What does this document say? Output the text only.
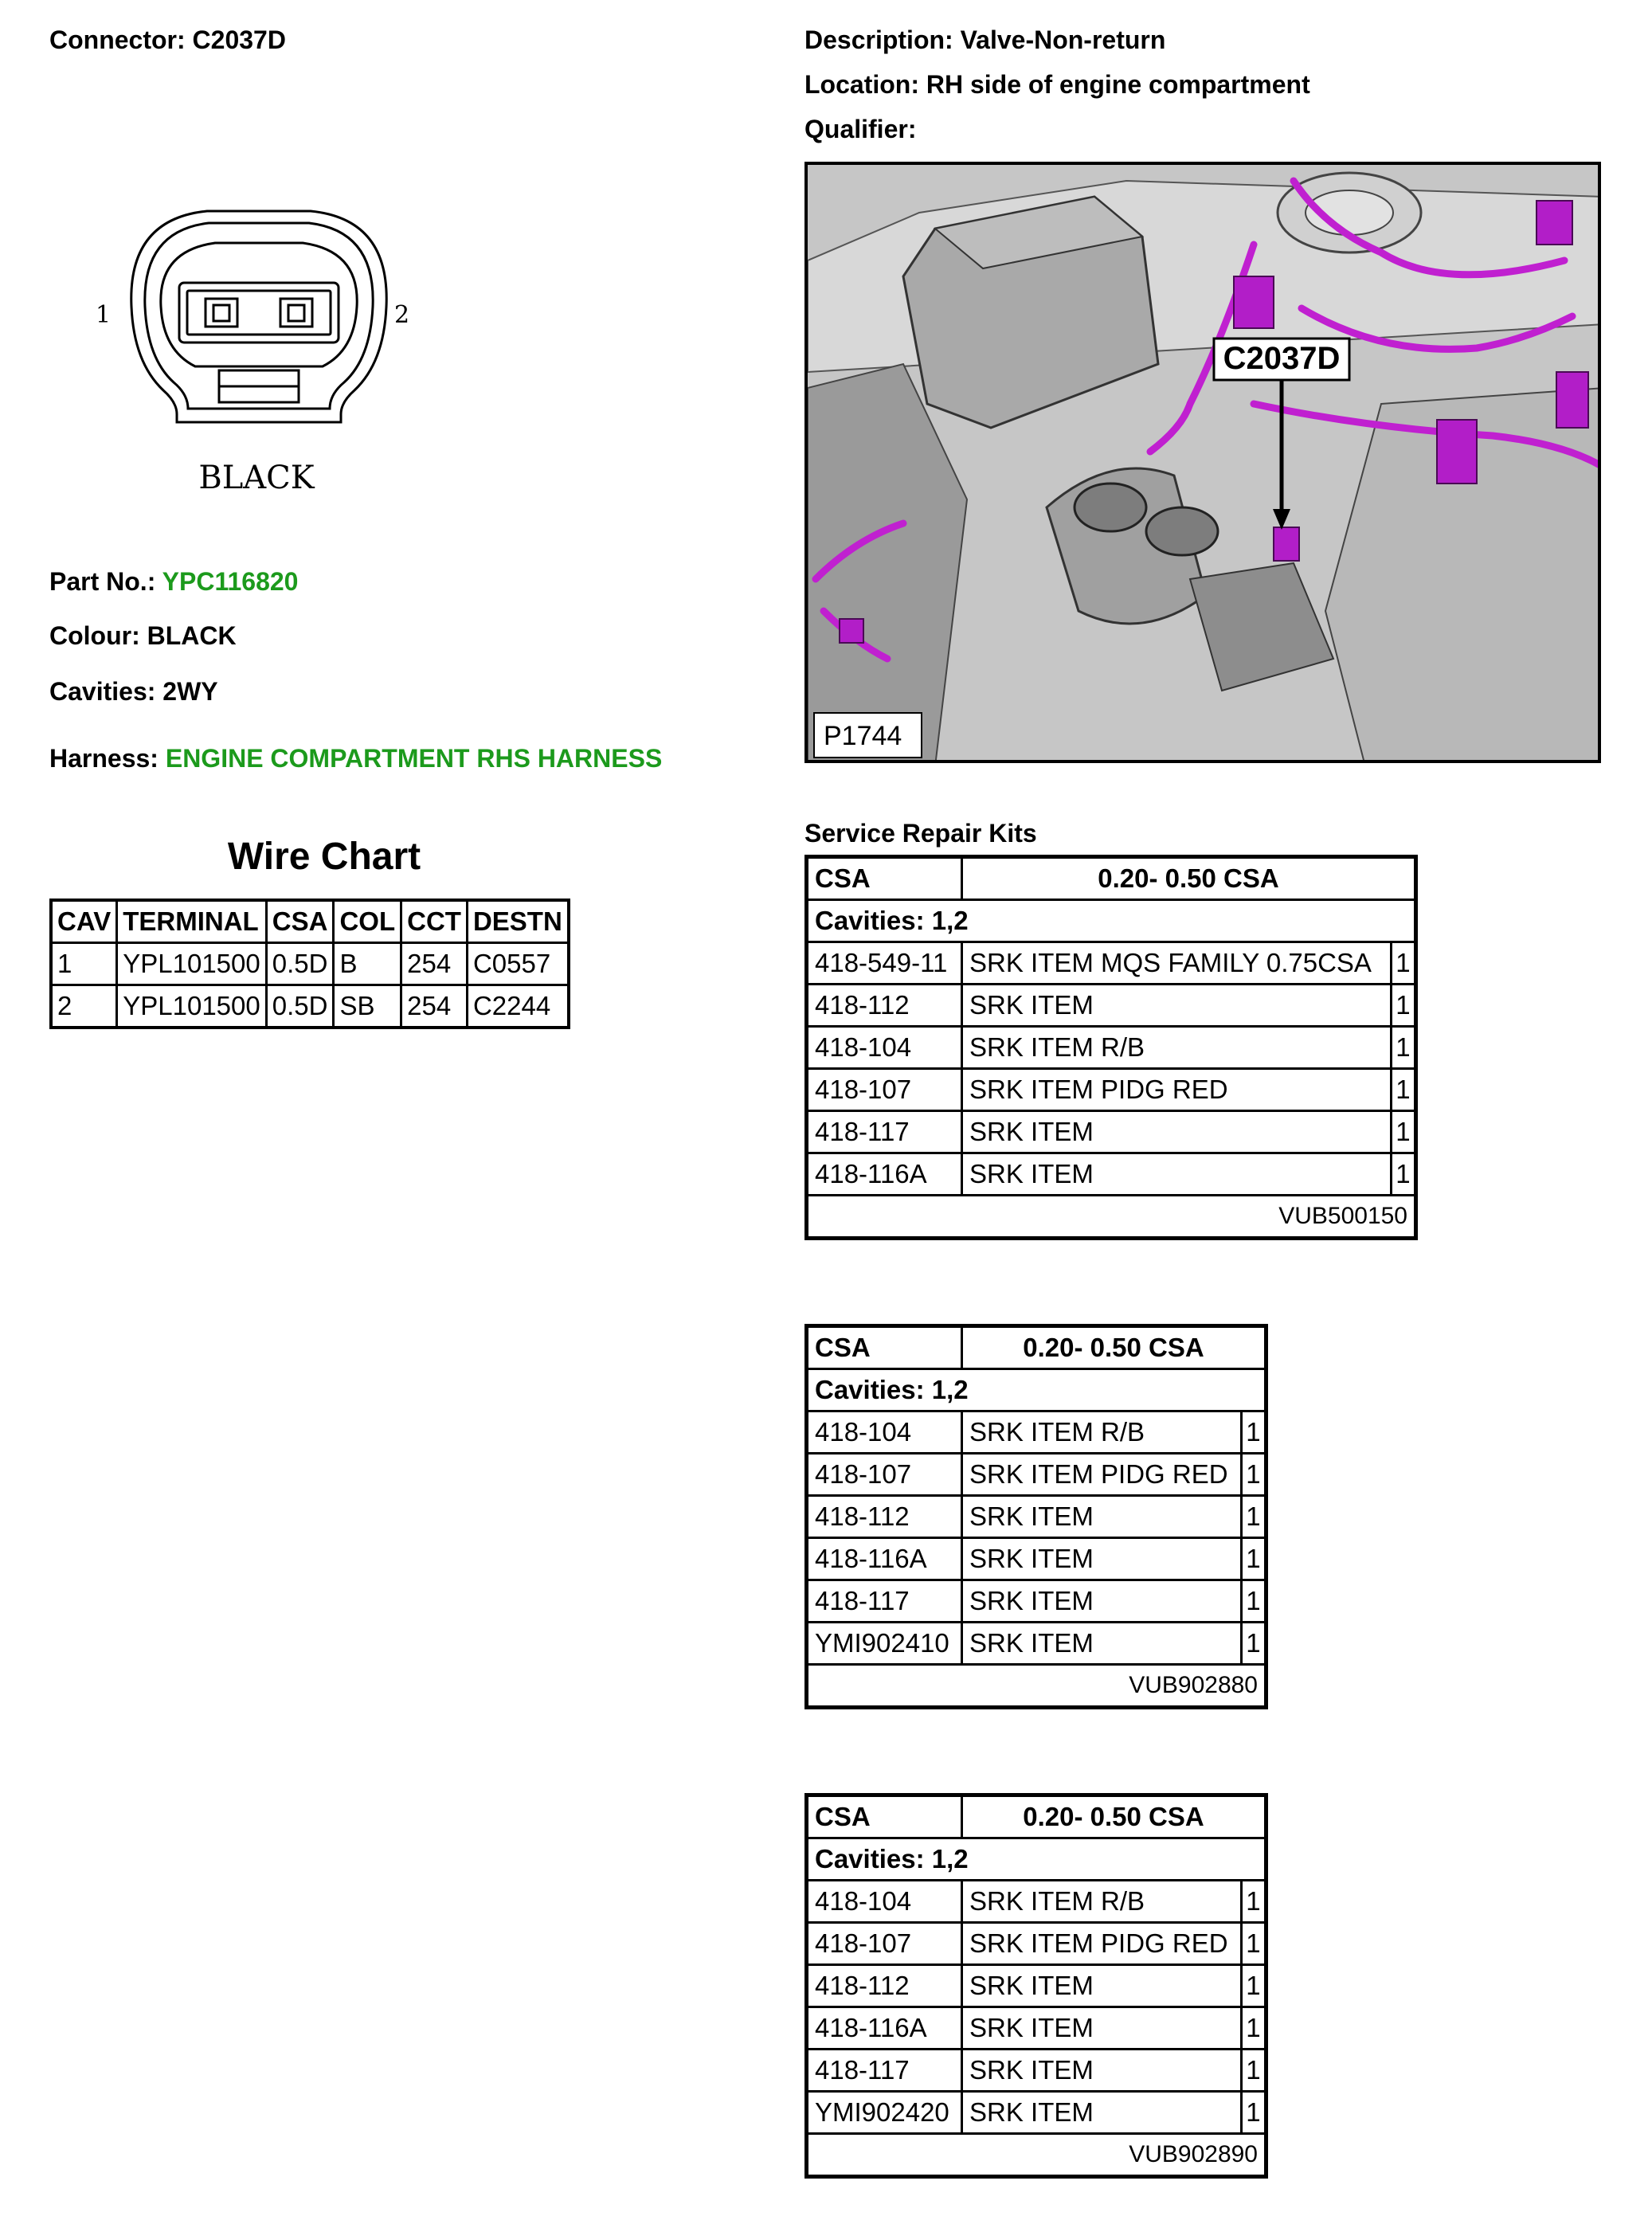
Connector: C2037D	Description: Valve-Non-return
Location: RH side of engine compartment
Qualifier:
1	2
BLACK
Part No.: YPC116820
Colour: BLACK
Cavities: 2WY
Harness: ENGINE COMPARTMENT RHS HARNESS
Wire Chart
CAV	TERMINAL	CSA	COL	CCT	DESTN
1	YPL101500	0.5D	B	254	C0557
2	YPL101500	0.5D	SB	254	C2244
C2037D
P1744
Service Repair Kits
CSA	0.20- 0.50 CSA	
Cavities: 1,2		
418-549-11	SRK ITEM MQS FAMILY 0.75CSA	1
418-112	SRK ITEM	1
418-104	SRK ITEM R/B	1
418-107	SRK ITEM PIDG RED	1
418-117	SRK ITEM	1
418-116A	SRK ITEM	1
VUB500150		
CSA	0.20- 0.50 CSA	
Cavities: 1,2		
418-104	SRK ITEM R/B	1
418-107	SRK ITEM PIDG RED	1
418-112	SRK ITEM	1
418-116A	SRK ITEM	1
418-117	SRK ITEM	1
YMI902410	SRK ITEM	1
VUB902880		
CSA	0.20- 0.50 CSA	
Cavities: 1,2		
418-104	SRK ITEM R/B	1
418-107	SRK ITEM PIDG RED	1
418-112	SRK ITEM	1
418-116A	SRK ITEM	1
418-117	SRK ITEM	1
YMI902420	SRK ITEM	1
VUB902890		
